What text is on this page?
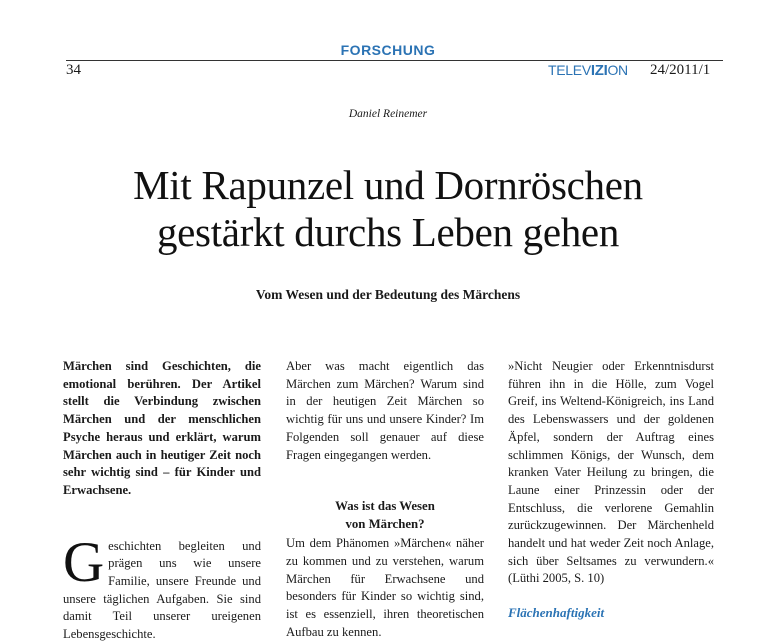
FORSCHUNG
34	TELEVIZION 24/2011/1
Daniel Reinemer
Mit Rapunzel und Dornröschen
gestärkt durchs Leben gehen
Vom Wesen und der Bedeutung des Märchens

Märchen sind Geschichten, die emotional berühren. Der Artikel stellt die Verbindung zwischen Märchen und der menschlichen Psyche heraus und erklärt, warum Märchen auch in heutiger Zeit noch sehr wichtig sind – für Kinder und Erwachsene.

Geschichten begleiten und prägen uns wie unsere Familie, unsere Freunde und unsere täglichen Aufgaben. Sie sind damit Teil unserer ureigenen Lebensgeschichte.

Aber was macht eigentlich das Märchen zum Märchen? Warum sind in der heutigen Zeit Märchen so wichtig für uns und unsere Kinder? Im Folgenden soll genauer auf diese Fragen eingegangen werden.

Was ist das Wesen
von Märchen?

Um dem Phänomen »Märchen« näher zu kommen und zu verstehen, warum Märchen für Erwachsene und besonders für Kinder so wichtig sind, ist es essenziell, ihren theoretischen Aufbau zu kennen.

»Nicht Neugier oder Erkenntnisdurst führen ihn in die Hölle, zum Vogel Greif, ins Weltend-Königreich, ins Land des Lebenswassers und der goldenen Äpfel, sondern der Auftrag eines schlimmen Königs, der Wunsch, dem kranken Vater Heilung zu bringen, die Laune einer Prinzessin oder der Entschluss, die verlorene Gemahlin zurückzugewinnen. Der Märchenheld handelt und hat weder Zeit noch Anlage, sich über Seltsames zu verwundern.« (Lüthi 2005, S. 10)

Flächenhaftigkeit
